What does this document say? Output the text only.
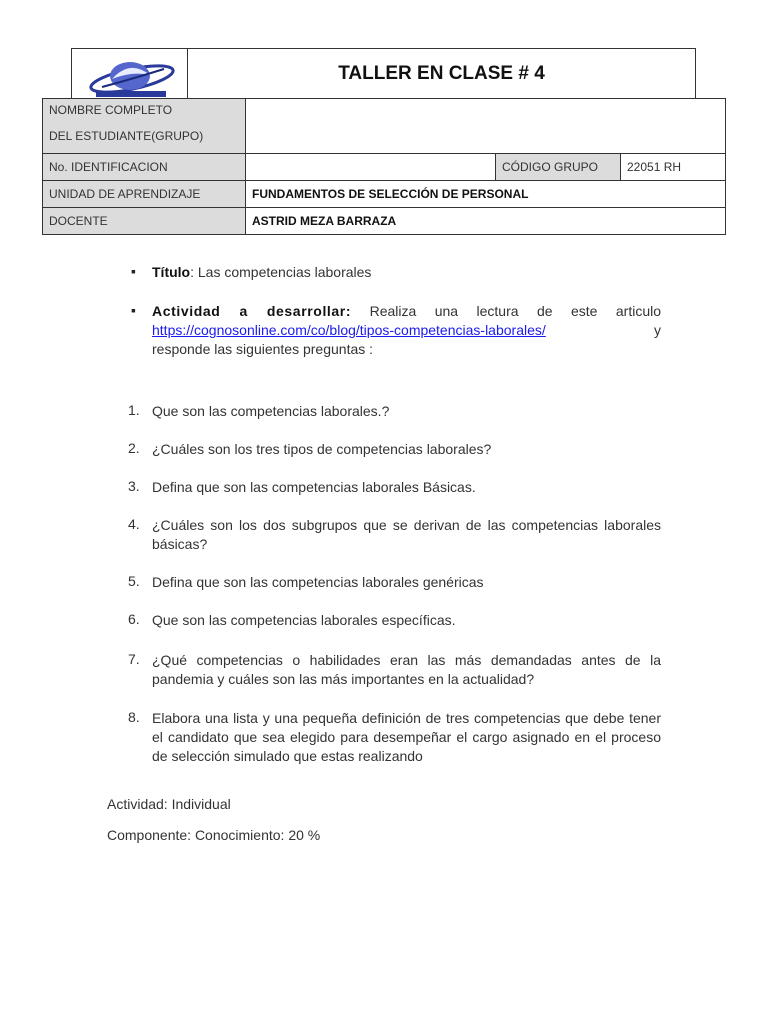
TALLER EN CLASE # 4
NOMBRE COMPLETO
DEL ESTUDIANTE(GRUPO)			

No. IDENTIFICACION		CÓDIGO GRUPO	22051 RH
UNIDAD DE APRENDIZAJE	FUNDAMENTOS DE SELECCIÓN DE PERSONAL		
DOCENTE	ASTRID MEZA BARRAZA		
▪ Título: Las competencias laborales
▪ Actividad a desarrollar: Realiza una lectura de este articulo
https://cognosonline.com/co/blog/tipos-competencias-laborales/	y
responde las siguientes preguntas :
1. Que son las competencias laborales.?
2. ¿Cuáles son los tres tipos de competencias laborales?
3. Defina que son las competencias laborales Básicas.
4. ¿Cuáles son los dos subgrupos que se derivan de las competencias laborales básicas?
5. Defina que son las competencias laborales genéricas
6. Que son las competencias laborales específicas.
7. ¿Qué competencias o habilidades eran las más demandadas antes de la pandemia y cuáles son las más importantes en la actualidad?
8. Elabora una lista y una pequeña definición de tres competencias que debe tener el candidato que sea elegido para desempeñar el cargo asignado en el proceso de selección simulado que estas realizando
Actividad: Individual
Componente: Conocimiento: 20 %
